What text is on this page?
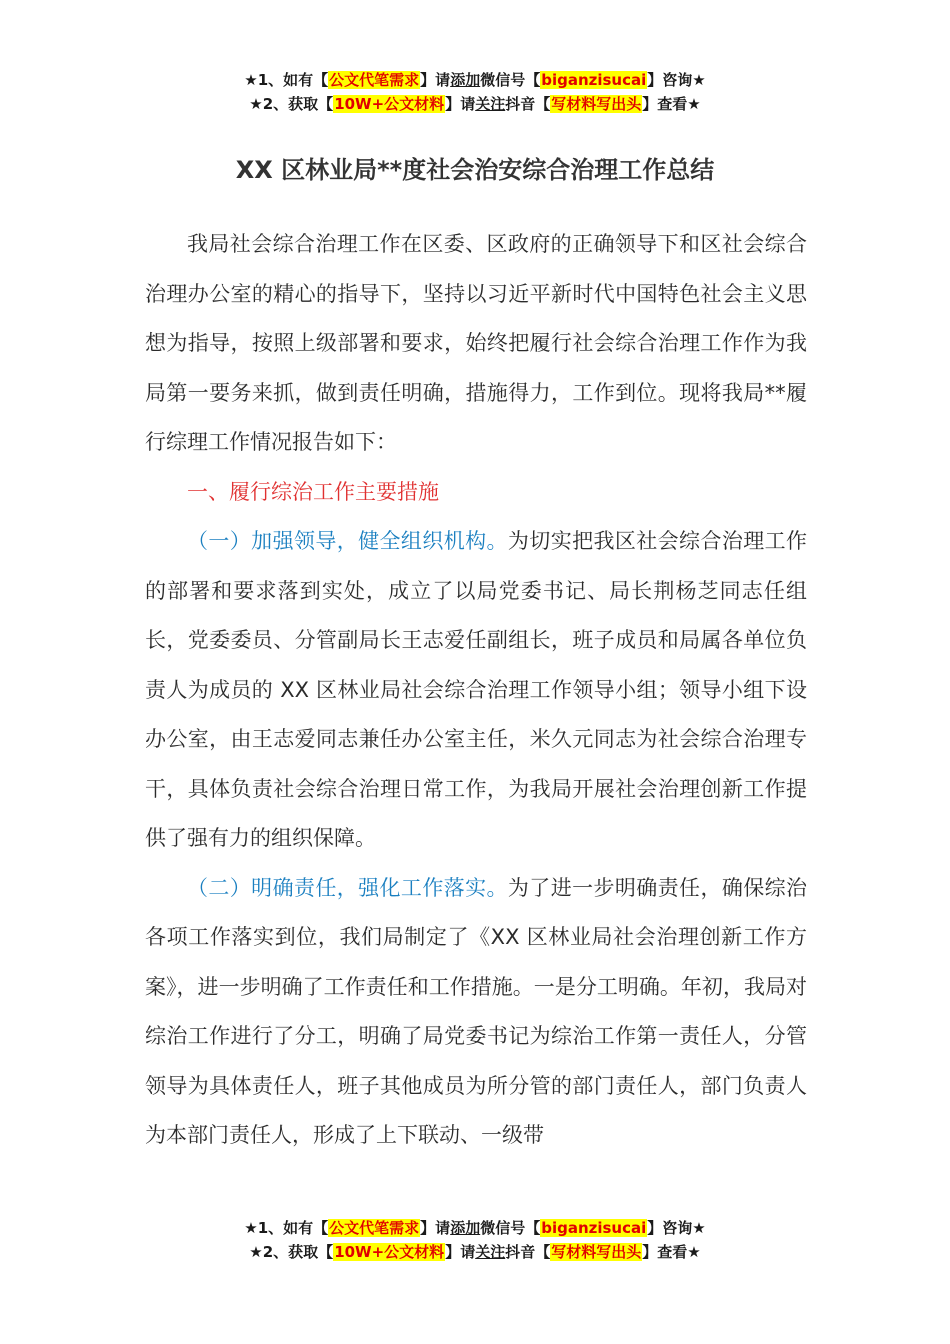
★1、如有【公文代笔需求】请添加微信号【biganzisucai】咨询★
★2、获取【10W+公文材料】请关注抖音【写材料写出头】查看★
XX 区林业局**度社会治安综合治理工作总结

我局社会综合治理工作在区委、区政府的正确领导下和区社会综合治理办公室的精心的指导下，坚持以习近平新时代中国特色社会主义思想为指导，按照上级部署和要求，始终把履行社会综合治理工作作为我局第一要务来抓，做到责任明确，措施得力，工作到位。现将我局**履行综理工作情况报告如下：

一、履行综治工作主要措施

（一）加强领导，健全组织机构。为切实把我区社会综合治理工作的部署和要求落到实处，成立了以局党委书记、局长荆杨芝同志任组长，党委委员、分管副局长王志爱任副组长，班子成员和局属各单位负责人为成员的 XX 区林业局社会综合治理工作领导小组；领导小组下设办公室，由王志爱同志兼任办公室主任，米久元同志为社会综合治理专干，具体负责社会综合治理日常工作，为我局开展社会治理创新工作提供了强有力的组织保障。

（二）明确责任，强化工作落实。为了进一步明确责任，确保综治各项工作落实到位，我们局制定了《XX 区林业局社会治理创新工作方案》，进一步明确了工作责任和工作措施。一是分工明确。年初，我局对综治工作进行了分工，明确了局党委书记为综治工作第一责任人，分管领导为具体责任人，班子其他成员为所分管的部门责任人，部门负责人为本部门责任人，形成了上下联动、一级带

★1、如有【公文代笔需求】请添加微信号【biganzisucai】咨询★
★2、获取【10W+公文材料】请关注抖音【写材料写出头】查看★
